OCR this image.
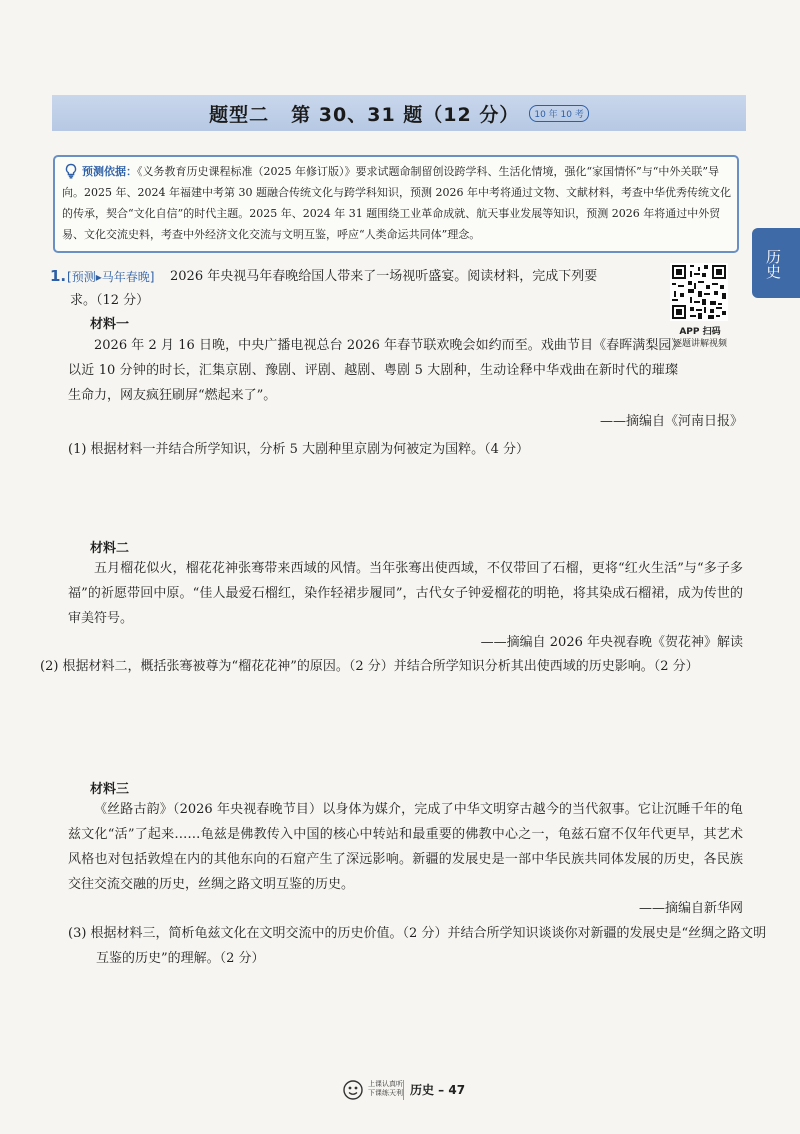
题型二 第 30、31 题（12 分）	10 年 10 考
预测依据：《义务教育历史课程标准（2025 年修订版）》要求试题命制留创设跨学科、生活化情境，强化“家国情怀”与“中外关联”导向。2025 年、2024 年福建中考第 30 题融合传统文化与跨学科知识，预测 2026 年中考将通过文物、文献材料，考查中华优秀传统文化的传承，契合“文化自信”的时代主题。2025 年、2024 年 31 题围绕工业革命成就、航天事业发展等知识，预测 2026 年将通过中外贸易、文化交流史料，考查中外经济文化交流与文明互鉴，呼应“人类命运共同体”理念。
历史
1. [预测▸马年春晚] 2026 年央视马年春晚给国人带来了一场视听盛宴。阅读材料，完成下列要
求。（12 分）
APP 扫码
逐题讲解视频
材料一
2026 年 2 月 16 日晚，中央广播电视总台 2026 年春节联欢晚会如约而至。戏曲节目《春晖满梨园》以近 10 分钟的时长，汇集京剧、豫剧、评剧、越剧、粤剧 5 大剧种，生动诠释中华戏曲在新时代的璀璨生命力，网友疯狂刷屏“燃起来了”。
——摘编自《河南日报》
(1) 根据材料一并结合所学知识，分析 5 大剧种里京剧为何被定为国粹。（4 分）
材料二
五月榴花似火，榴花花神张骞带来西域的风情。当年张骞出使西域，不仅带回了石榴，更将“红火生活”与“多子多福”的祈愿带回中原。“佳人最爱石榴红，染作轻裙步履同”，古代女子钟爱榴花的明艳，将其染成石榴裙，成为传世的审美符号。
——摘编自 2026 年央视春晚《贺花神》解读
(2) 根据材料二，概括张骞被尊为“榴花花神”的原因。（2 分）并结合所学知识分析其出使西域的历史影响。（2 分）
材料三
《丝路古韵》（2026 年央视春晚节目）以身体为媒介，完成了中华文明穿古越今的当代叙事。它让沉睡千年的龟兹文化“活”了起来……龟兹是佛教传入中国的核心中转站和最重要的佛教中心之一，龟兹石窟不仅年代更早，其艺术风格也对包括敦煌在内的其他东向的石窟产生了深远影响。新疆的发展史是一部中华民族共同体发展的历史，各民族交往交流交融的历史，丝绸之路文明互鉴的历史。
——摘编自新华网
(3) 根据材料三，简析龟兹文化在文明交流中的历史价值。（2 分）并结合所学知识谈谈你对新疆的发展史是“丝绸之路文明互鉴的历史”的理解。（2 分）
上课认真听
下课练天利 历史 – 47
